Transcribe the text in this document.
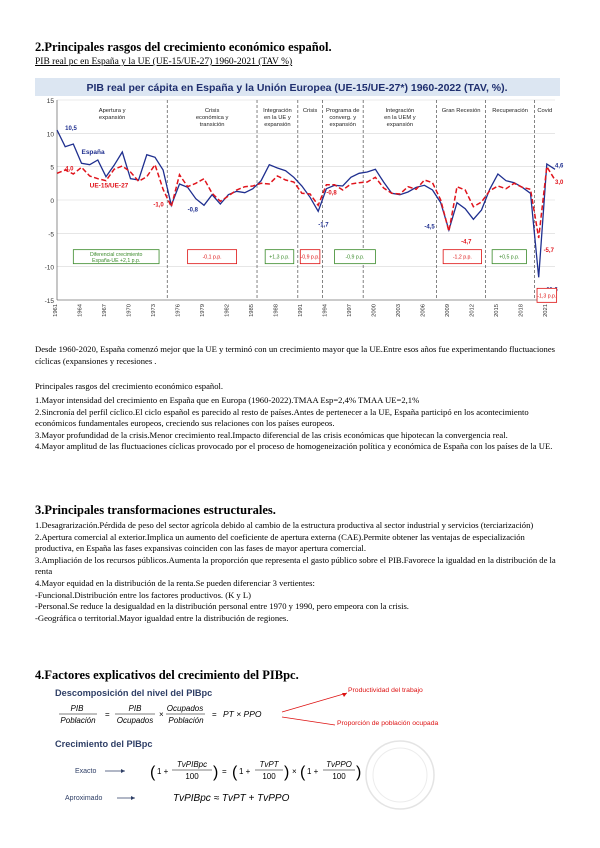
2.Principales rasgos del crecimiento económico español.
PIB real pc en España y la UE (UE-15/UE-27) 1960-2021 (TAV %)
PIB real per cápita en España y la Unión Europea (UE-15/UE-27*) 1960-2022 (TAV, %).
15
10
5
0
-5
-10
-15
Apertura y expansión
Crisis económica y transición
Integración en la UE y expansión
Crisis Programa de converg. y expansión
Integración en la UEM y expansión
Gran Recesión Recuperación Covid
1961	1964	1967	1970	1973	1976	1979	1982	1985	1988	1991	1994	1997	2000	2003	2006	2009	2012	2015	2018	2021
España
UE-15/UE-27
10,5
4,0
-1,0
-0,8
-0,8
-1,7	-4,5
-4,7
4,6
-5,7
3,0
Diferencial crecimiento España-UE +2,1 p.p.
-0,1 p.p.	+1,3 p.p. -0,9 p.p.	-0,9 p.p.	-1,2 p.p.	+0,5 p.p.
-1,3 p.p.
Desde 1960-2020, España comenzó mejor que la UE y terminó con un crecimiento mayor que la UE.Entre esos años fue experimentando fluctuaciones cíclicas (expansiones y recesiones .
Principales rasgos del crecimiento económico español.
1.Mayor intensidad del crecimiento en España que en Europa (1960-2022).TMAA Esp=2,4% TMAA UE=2,1%
2.Sincronía del perfil cíclico.El ciclo español es parecido al resto de países.Antes de pertenecer a la UE, España participó en los acontecimiento económicos fundamentales europeos, creciendo sus relaciones con los países europeos.
3.Mayor profundidad de la crisis.Menor crecimiento real.Impacto diferencial de las crisis económicas que hipotecan la convergencia real.
4.Mayor amplitud de las fluctuaciones cíclicas provocado por el proceso de homogeneización política y económica de España con los países de la UE.
3.Principales transformaciones estructurales.
1.Desagrarización.Pérdida de peso del sector agrícola debido al cambio de la estructura productiva al sector industrial y servicios (terciarización)
2.Apertura comercial al exterior.Implica un aumento del coeficiente de apertura externa (CAE).Permite obtener las ventajas de especialización productiva, en España las fases expansivas coinciden con las fases de mayor apertura comercial.
3.Ampliación de los recursos públicos.Aumenta la proporción que representa el gasto público sobre el PIB.Favorece la igualdad en la distribución de la renta
4.Mayor equidad en la distribución de la renta.Se pueden diferenciar 3 vertientes:
-Funcional.Distribución entre los factores productivos. (K y L)
-Personal.Se reduce la desigualdad en la distribución personal entre 1970 y 1990, pero empeora con la crisis.
-Geográfica o territorial.Mayor igualdad entre la distribución de regiones.
4.Factores explicativos del crecimiento del PIBpc.
Descomposición del nivel del PIBpc
PIB
Población
=
PIB
Ocupados
×
Ocupados
Población
= PT × PPO
Productividad del trabajo
Proporción de población ocupada
Crecimiento del PIBpc
Exacto	( 1 +
TvPIBpc
100 ) = ( 1 +
TvPT
100 ) × ( 1 +
TvPPO
100 )
Aproximado	TvPIBpc ≈ TvPT + TvPPO
